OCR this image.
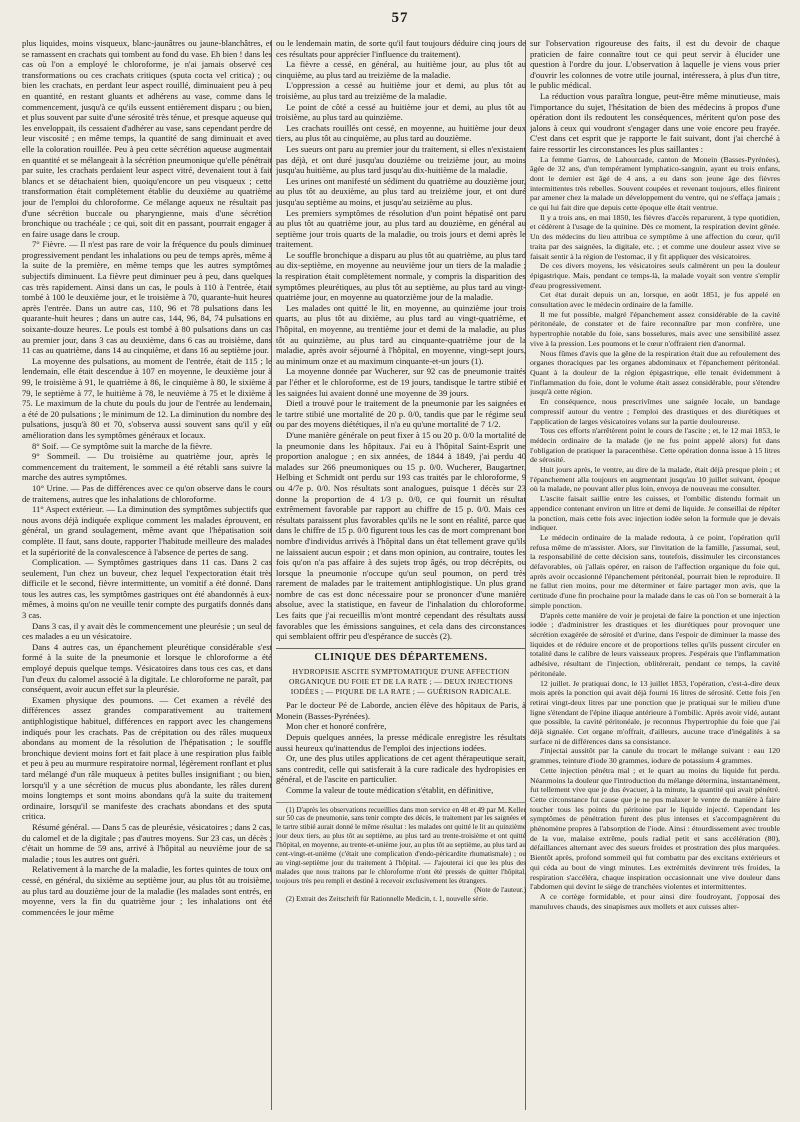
57

plus liquides, moins visqueux, blanc-jaunâtres ou jaune-blanchâtres, et se ramassent en crachats qui tombent au fond du vase. Eh bien ! dans les cas où l'on a employé le chloroforme, je n'ai jamais observé ces transformations ou ces crachats critiques (sputa cocta vel critica) ; ou bien les crachats, en perdant leur aspect rouillé, diminuaient peu à peu en quantité, en restant gluants et adhérens au vase, comme dans le commencement, jusqu'à ce qu'ils eussent entièrement disparu ; ou bien, et plus souvent par suite d'une sérosité très ténue, et presque aqueuse qui les enveloppait, ils cessaient d'adhérer au vase, sans cependant perdre de leur viscosité ; en même temps, la quantité de sang diminuait et avec elle la coloration rouillée. Peu à peu cette sécrétion aqueuse augmentait en quantité et se mélangeait à la sécrétion pneumonique qu'elle pénétrait par suite, les crachats perdaient leur aspect vitré, devenaient tout à fait blancs et se détachaient bien, quoiqu'encore un peu visqueux ; cette transformation était complètement établie du deuxième au quatrième jour de l'emploi du chloroforme. Ce mélange aqueux ne résultait pas d'une sécrétion buccale ou pharyngienne, mais d'une sécrétion bronchique ou trachéale ; ce qui, soit dit en passant, pourrait engager à en faire usage dans le croup.

7° Fièvre. — Il n'est pas rare de voir la fréquence du pouls diminuer progressivement pendant les inhalations ou peu de temps après, même à la suite de la première, en même temps que les autres symptômes subjectifs diminuent. La fièvre peut diminuer peu à peu, dans quelques cas très rapidement. Ainsi dans un cas, le pouls à 110 à l'entrée, était tombé à 100 le deuxième jour, et le troisième à 70, quarante-huit heures après l'entrée. Dans un autre cas, 110, 96 et 78 pulsations dans les quarante-huit heures ; dans un autre cas, 144, 96, 84, 74 pulsations en soixante-douze heures. Le pouls est tombé à 80 pulsations dans un cas au premier jour, dans 3 cas au deuxième, dans 6 cas au troisième, dans 11 cas au quatrième, dans 14 au cinquième, et dans 16 au septième jour.

La moyenne des pulsations, au moment de l'entrée, était de 115 ; le lendemain, elle était descendue à 107 en moyenne, le deuxième jour à 99, le troisième à 91, le quatrième à 86, le cinquième à 80, le sixième à 79, le septième à 77, le huitième à 78, le neuvième à 75 et le dixième à 75. Le maximum de la chute du pouls du jour de l'entrée au lendemain, a été de 20 pulsations ; le minimum de 12. La diminution du nombre des pulsations, jusqu'à 80 et 70, s'observa aussi souvent sans qu'il y eût amélioration dans les symptômes généraux et locaux.

8° Soif. — Ce symptôme suit la marche de la fièvre.

9° Sommeil. — Du troisième au quatrième jour, après le commencement du traitement, le sommeil a été rétabli sans suivre la marche des autres symptômes.

10° Urine. — Pas de différences avec ce qu'on observe dans le cours de traitemens, autres que les inhalations de chloroforme.

11° Aspect extérieur. — La diminution des symptômes subjectifs que nous avons déjà indiquée explique comment les malades éprouvent, en général, un grand soulagement, même avant que l'hépatisation soit complète. Il faut, sans doute, rapporter l'habitude meilleure des malades et la supériorité de la convalescence à l'absence de pertes de sang.

Complication. — Symptômes gastriques dans 11 cas. Dans 2 cas seulement, l'un chez un buveur, chez lequel l'expectoration était très difficile et le second, fièvre intermittente, un vomitif a été donné. Dans tous les autres cas, les symptômes gastriques ont été abandonnés à eux-mêmes, à moins qu'on ne veuille tenir compte des purgatifs donnés dans 3 cas.

Dans 3 cas, il y avait dès le commencement une pleurésie ; un seul de ces malades a eu un vésicatoire.

Dans 4 autres cas, un épanchement pleurétique considérable s'est formé à la suite de la pneumonie et lorsque le chloroforme a été employé depuis quelque temps. Vésicatoires dans tous ces cas, et dans l'un d'eux du calomel associé à la digitale. Le chloroforme ne paraît, par conséquent, avoir aucun effet sur la pleurésie.

Examen physique des poumons. — Cet examen a révélé des différences assez grandes comparativement au traitement antiphlogistique habituel, différences en rapport avec les changemens indiqués pour les crachats. Pas de crépitation ou des râles muqueux abondans au moment de la résolution de l'hépatisation ; le souffle bronchique devient moins fort et fait place à une respiration plus faible et peu à peu au murmure respiratoire normal, légèrement ronflant et plus tard mélangé d'un râle muqueux à petites bulles insignifiant ; ou bien, lorsqu'il y a une sécrétion de mucus plus abondante, les râles durent moins longtemps et sont moins abondans qu'à la suite du traitement ordinaire, lorsqu'il se manifeste des crachats abondans et des sputa critica.

Résumé général. — Dans 5 cas de pleurésie, vésicatoires ; dans 2 cas, du calomel et de la digitale ; pas d'autres moyens. Sur 23 cas, un décès ; c'était un homme de 59 ans, arrivé à l'hôpital au neuvième jour de sa maladie ; tous les autres ont guéri.

Relativement à la marche de la maladie, les fortes quintes de toux ont cessé, en général, du sixième au septième jour, au plus tôt au troisième, au plus tard au douzième jour de la maladie (les malades sont entrés, en moyenne, vers la fin du quatrième jour ; les inhalations ont été commencées le jour même

ou le lendemain matin, de sorte qu'il faut toujours déduire cinq jours de ces résultats pour apprécier l'influence du traitement).

La fièvre a cessé, en général, au huitième jour, au plus tôt au cinquième, au plus tard au treizième de la maladie.

L'oppression a cessé au huitième jour et demi, au plus tôt au troisième, au plus tard au treizième de la maladie.

Le point de côté a cessé au huitième jour et demi, au plus tôt au troisième, au plus tard au quinzième.

Les crachats rouillés ont cessé, en moyenne, au huitième jour deux tiers, au plus tôt au cinquième, au plus tard au douzième.

Les sueurs ont paru au premier jour du traitement, si elles n'existaient pas déjà, et ont duré jusqu'au douzième ou treizième jour, au moins jusqu'au huitième, au plus tard jusqu'au dix-huitième de la maladie.

Les urines ont manifesté un sédiment du quatrième au douzième jour, au plus tôt au deuxième, au plus tard au treizième jour, et ont duré jusqu'au septième au moins, et jusqu'au seizième au plus.

Les premiers symptômes de résolution d'un point hépatisé ont paru au plus tôt au quatrième jour, au plus tard au douzième, en général au septième jour trois quarts de la maladie, ou trois jours et demi après le traitement.

Le souffle bronchique a disparu au plus tôt au quatrième, au plus tard au dix-septième, en moyenne au neuvième jour un tiers de la maladie ; la respiration était complètement normale, y compris la disparition des symptômes pleurétiques, au plus tôt au septième, au plus tard au vingt-quatrième jour, en moyenne au quatorzième jour de la maladie.

Les malades ont quitté le lit, en moyenne, au quinzième jour trois quarts, au plus tôt au dixième, au plus tard au vingt-quatrième, et l'hôpital, en moyenne, au trentième jour et demi de la maladie, au plus tôt au quinzième, au plus tard au cinquante-quatrième jour de la maladie, après avoir séjourné à l'hôpital, en moyenne, vingt-sept jours, au minimum onze et au maximum cinquante-et-un jours (1).

La moyenne donnée par Wucherer, sur 92 cas de pneumonie traités par l'éther et le chloroforme, est de 19 jours, tandisque le tartre stibié et les saignées lui avaient donné une moyenne de 39 jours.

Dietl a trouvé pour le traitement de la pneumonie par les saignées et le tartre stibié une mortalité de 20 p. 0/0, tandis que par le régime seul ou par des moyens diététiques, il n'a eu qu'une mortalité de 7 1/2.

D'une manière générale on peut fixer à 15 ou 20 p. 0/0 la mortalité de la pneumonie dans les hôpitaux. J'ai eu à l'hôpital Saint-Esprit une proportion analogue ; en six années, de 1844 à 1849, j'ai perdu 40 malades sur 266 pneumoniques ou 15 p. 0/0. Wucherer, Baugartner, Helbing et Schmidt ont perdu sur 193 cas traités par le chloroforme, 9 ou 4/7e p. 0/0. Nos résultats sont analogues, puisque 1 décès sur 23 donne la proportion de 4 1/3 p. 0/0, ce qui fournit un résultat extrêmement favorable par rapport au chiffre de 15 p. 0/0. Mais ces résultats paraissent plus favorables qu'ils ne le sont en réalité, parce que dans le chiffre de 15 p. 0/0 figurent tous les cas de mort comprenant bon nombre d'individus arrivés à l'hôpital dans un état tellement grave qu'ils ne laissaient aucun espoir ; et dans mon opinion, au contraire, toutes les fois qu'on n'a pas affaire à des sujets trop âgés, ou trop décrépits, ou lorsque la pneumonie n'occupe qu'un seul poumon, on perd très rarement de malades par le traitement antiphlogistique. Un plus grand nombre de cas est donc nécessaire pour se prononcer d'une manière absolue, avec la statistique, en faveur de l'inhalation du chloroforme. Les faits que j'ai recueillis m'ont montré cependant des résultats aussi favorables que les émissions sanguines, et cela dans des circonstances qui semblaient offrir peu d'espérance de succès (2).

CLINIQUE DES DÉPARTEMENS.
HYDROPISIE ASCITE SYMPTOMATIQUE D'UNE AFFECTION ORGANIQUE DU FOIE ET DE LA RATE ; — DEUX INJECTIONS IODÉES ; — PIQURE DE LA RATE ; — GUÉRISON RADICALE.

Par le docteur Pé de Laborde, ancien élève des hôpitaux de Paris, à Monein (Basses-Pyrénées).

Mon cher et honoré confrère,

Depuis quelques années, la presse médicale enregistre les résultats aussi heureux qu'inattendus de l'emploi des injections iodées.

Or, une des plus utiles applications de cet agent thérapeutique serait, sans contredit, celle qui satisferait à la cure radicale des hydropisies en général, et de l'ascite en particulier.

Comme la valeur de toute médication s'établit, en définitive,

(1) D'après les observations recueillies dans mon service en 48 et 49 par M. Keller sur 50 cas de pneumonie, sans tenir compte des décès, le traitement par les saignées et le tartre stibié aurait donné le même résultat : les malades ont quitté le lit au quinzième jour deux tiers, au plus tôt au septième, au plus tard au trente-troisième et ont quitté l'hôpital, en moyenne, au trente-et-unième jour, au plus tôt au septième, au plus tard au cent-vingt-et-unième (c'était une complication d'endo-péricardite rhumatismale) ; ou au vingt-septième jour du traitement à l'hôpital. — J'ajouterai ici que les plus des malades que nous traitons par le chloroforme n'ont été pressés de quitter l'hôpital, toujours très peu rempli et destiné à recevoir exclusivement les étrangers.

(Note de l'auteur.)

(2) Extrait des Zeitschrift für Rationnelle Medicin, t. 1, nouvelle série.

sur l'observation rigoureuse des faits, il est du devoir de chaque praticien de faire connaître tout ce qui peut servir à élucider une question à l'ordre du jour. L'observation à laquelle je viens vous prier d'ouvrir les colonnes de votre utile journal, intéressera, à plus d'un titre, le public médical.

La réduction vous paraîtra longue, peut-être même minutieuse, mais l'importance du sujet, l'hésitation de bien des médecins à propos d'une opération dont ils redoutent les conséquences, méritent qu'on pose des jalons à ceux qui voudront s'engager dans une voie encore peu frayée. C'est dans cet esprit que je rapporte le fait suivant, dont j'ai cherché à faire ressortir les circonstances les plus saillantes :

La femme Garros, de Lahourcade, canton de Monein (Basses-Pyrénées), âgée de 32 ans, d'un tempérament lymphatico-sanguin, ayant eu trois enfans, dont le dernier est âgé de 4 ans, a eu dans son jeune âge des fièvres intermittentes très rebelles. Souvent coupées et revenant toujours, elles finirent par amener chez la malade un développement du ventre, qui ne s'effaça jamais ; ce qui lui fait dire que depuis cette époque elle était ventrue.

Il y a trois ans, en mai 1850, les fièvres d'accès reparurent, à type quotidien, et cédèrent à l'usage de la quinine. Dès ce moment, la respiration devint gênée. Un des médecins du lieu attribua ce symptôme à une affection du cœur, qu'il traita par des saignées, la digitale, etc. ; et comme une douleur assez vive se faisait sentir à la région de l'estomac, il y fit appliquer des vésicatoires.

De ces divers moyens, les vésicatoires seuls calmèrent un peu la douleur épigastrique. Mais, pendant ce temps-là, la malade voyait son ventre s'emplir d'eau progressivement.

Cet état durait depuis un an, lorsque, en août 1851, je fus appelé en consultation avec le médecin ordinaire de la famille.

Il me fut possible, malgré l'épanchement assez considérable de la cavité péritonéale, de constater et de faire reconnaître par mon confrère, une hypertrophie notable du foie, sans bosselures, mais avec une sensibilité assez vive à la pression. Les poumons et le cœur n'offraient rien d'anormal.

Nous fûmes d'avis que la gêne de la respiration était due au refoulement des organes thoraciques par les organes abdominaux et l'épanchement péritonéal. Quant à la douleur de la région épigastrique, elle tenait évidemment à l'inflammation du foie, dont le volume était assez considérable, pour s'étendre jusqu'à cette région.

En conséquence, nous prescrivîmes une saignée locale, un bandage compressif autour du ventre ; l'emploi des drastiques et des diurétiques et l'application de larges vésicatoires volans sur la partie douloureuse.

Tous ces efforts n'arrêtèrent point le cours de l'ascite ; et, le 12 mai 1853, le médecin ordinaire de la malade (je ne fus point appelé alors) fut dans l'obligation de pratiquer la paracenthèse. Cette opération donna issue à 15 litres de sérosité.

Huit jours après, le ventre, au dire de la malade, était déjà presque plein ; et l'épanchement alla toujours en augmentant jusqu'au 10 juillet suivant, époque où la malade, ne pouvant aller plus loin, envoya de nouveau me consulter.

L'ascite faisait saillie entre les cuisses, et l'ombilic distendu formait un appendice contenant environ un litre et demi de liquide. Je conseillai de répéter la ponction, mais cette fois avec injection iodée selon la formule que je devais indiquer.

Le médecin ordinaire de la malade redouta, à ce point, l'opération qu'il refusa même de m'assister. Alors, sur l'invitation de la famille, j'assumai, seul, la responsabilité de cette décision sans, toutefois, dissimuler les circonstances défavorables, où j'allais opérer, en raison de l'affection organique du foie qui, après avoir occasionné l'épanchement péritonéal, pourrait bien le reproduire. Il ne fallut rien moins, pour me déterminer et faire partager mon avis, que la certitude d'une fin prochaine pour la malade dans le cas où l'on se bornerait à la simple ponction.

D'après cette manière de voir je projetai de faire la ponction et une injection iodée ; d'administrer les drastiques et les diurétiques pour provoquer une sécrétion exagérée de sérosité et d'urine, dans l'espoir de diminuer la masse des liquides et de réduire encore et de proportions telles qu'ils pussent circuler en totalité dans le calibre de leurs vaisseaux propres. J'espérais que l'inflammation adhésive, résultant de l'injection, oblitérerait, pendant ce temps, la cavité péritonéale.

12 juillet. Je pratiquai donc, le 13 juillet 1853, l'opération, c'est-à-dire deux mois après la ponction qui avait déjà fourni 16 litres de sérosité. Cette fois j'en retirai vingt-deux litres par une ponction que je pratiquai sur le milieu d'une ligne s'étendant de l'épine iliaque antérieure à l'ombilic. Après avoir vidé, autant que possible, la cavité péritonéale, je reconnus l'hypertrophie du foie que j'ai déjà signalée. Cet organe m'offrait, d'ailleurs, aucune trace d'inégalités à sa surface ni de différences dans sa consistance.

J'injectai aussitôt par la canule du trocart le mélange suivant : eau 120 grammes, teinture d'iode 30 grammes, iodure de potassium 4 grammes.

Cette injection pénétra mal ; et le quart au moins du liquide fut perdu. Néanmoins la douleur que l'introduction du mélange détermina, instantanément, fut tellement vive que je dus évacuer, à la minute, la quantité qui avait pénétré. Cette circonstance fut cause que je ne pus malaxer le ventre de manière à faire toucher tous les points du péritoine par le liquide injecté. Cependant les symptômes de pénétration furent des plus intenses et s'accompagnèrent du phénomène propres à l'absorption de l'iode. Ainsi : étourdissement avec trouble de la vue, malaise extrême, pouls radial petit et sans accélération (80), défaillances alternant avec des sueurs froides et prostration des plus marquées. Bientôt après, profond sommeil qui fut combattu par des excitans extérieurs et qui céda au bout de vingt minutes. Les extrémités devinrent très froides, la respiration s'accéléra, chaque inspiration occasionnait une vive douleur dans l'abdomen qui devint le siège de tranchées violentes et intermittentes.

A ce cortège formidable, et pour ainsi dire foudroyant, j'opposai des manuluves chauds, des sinapismes aux mollets et aux cuisses alter-
